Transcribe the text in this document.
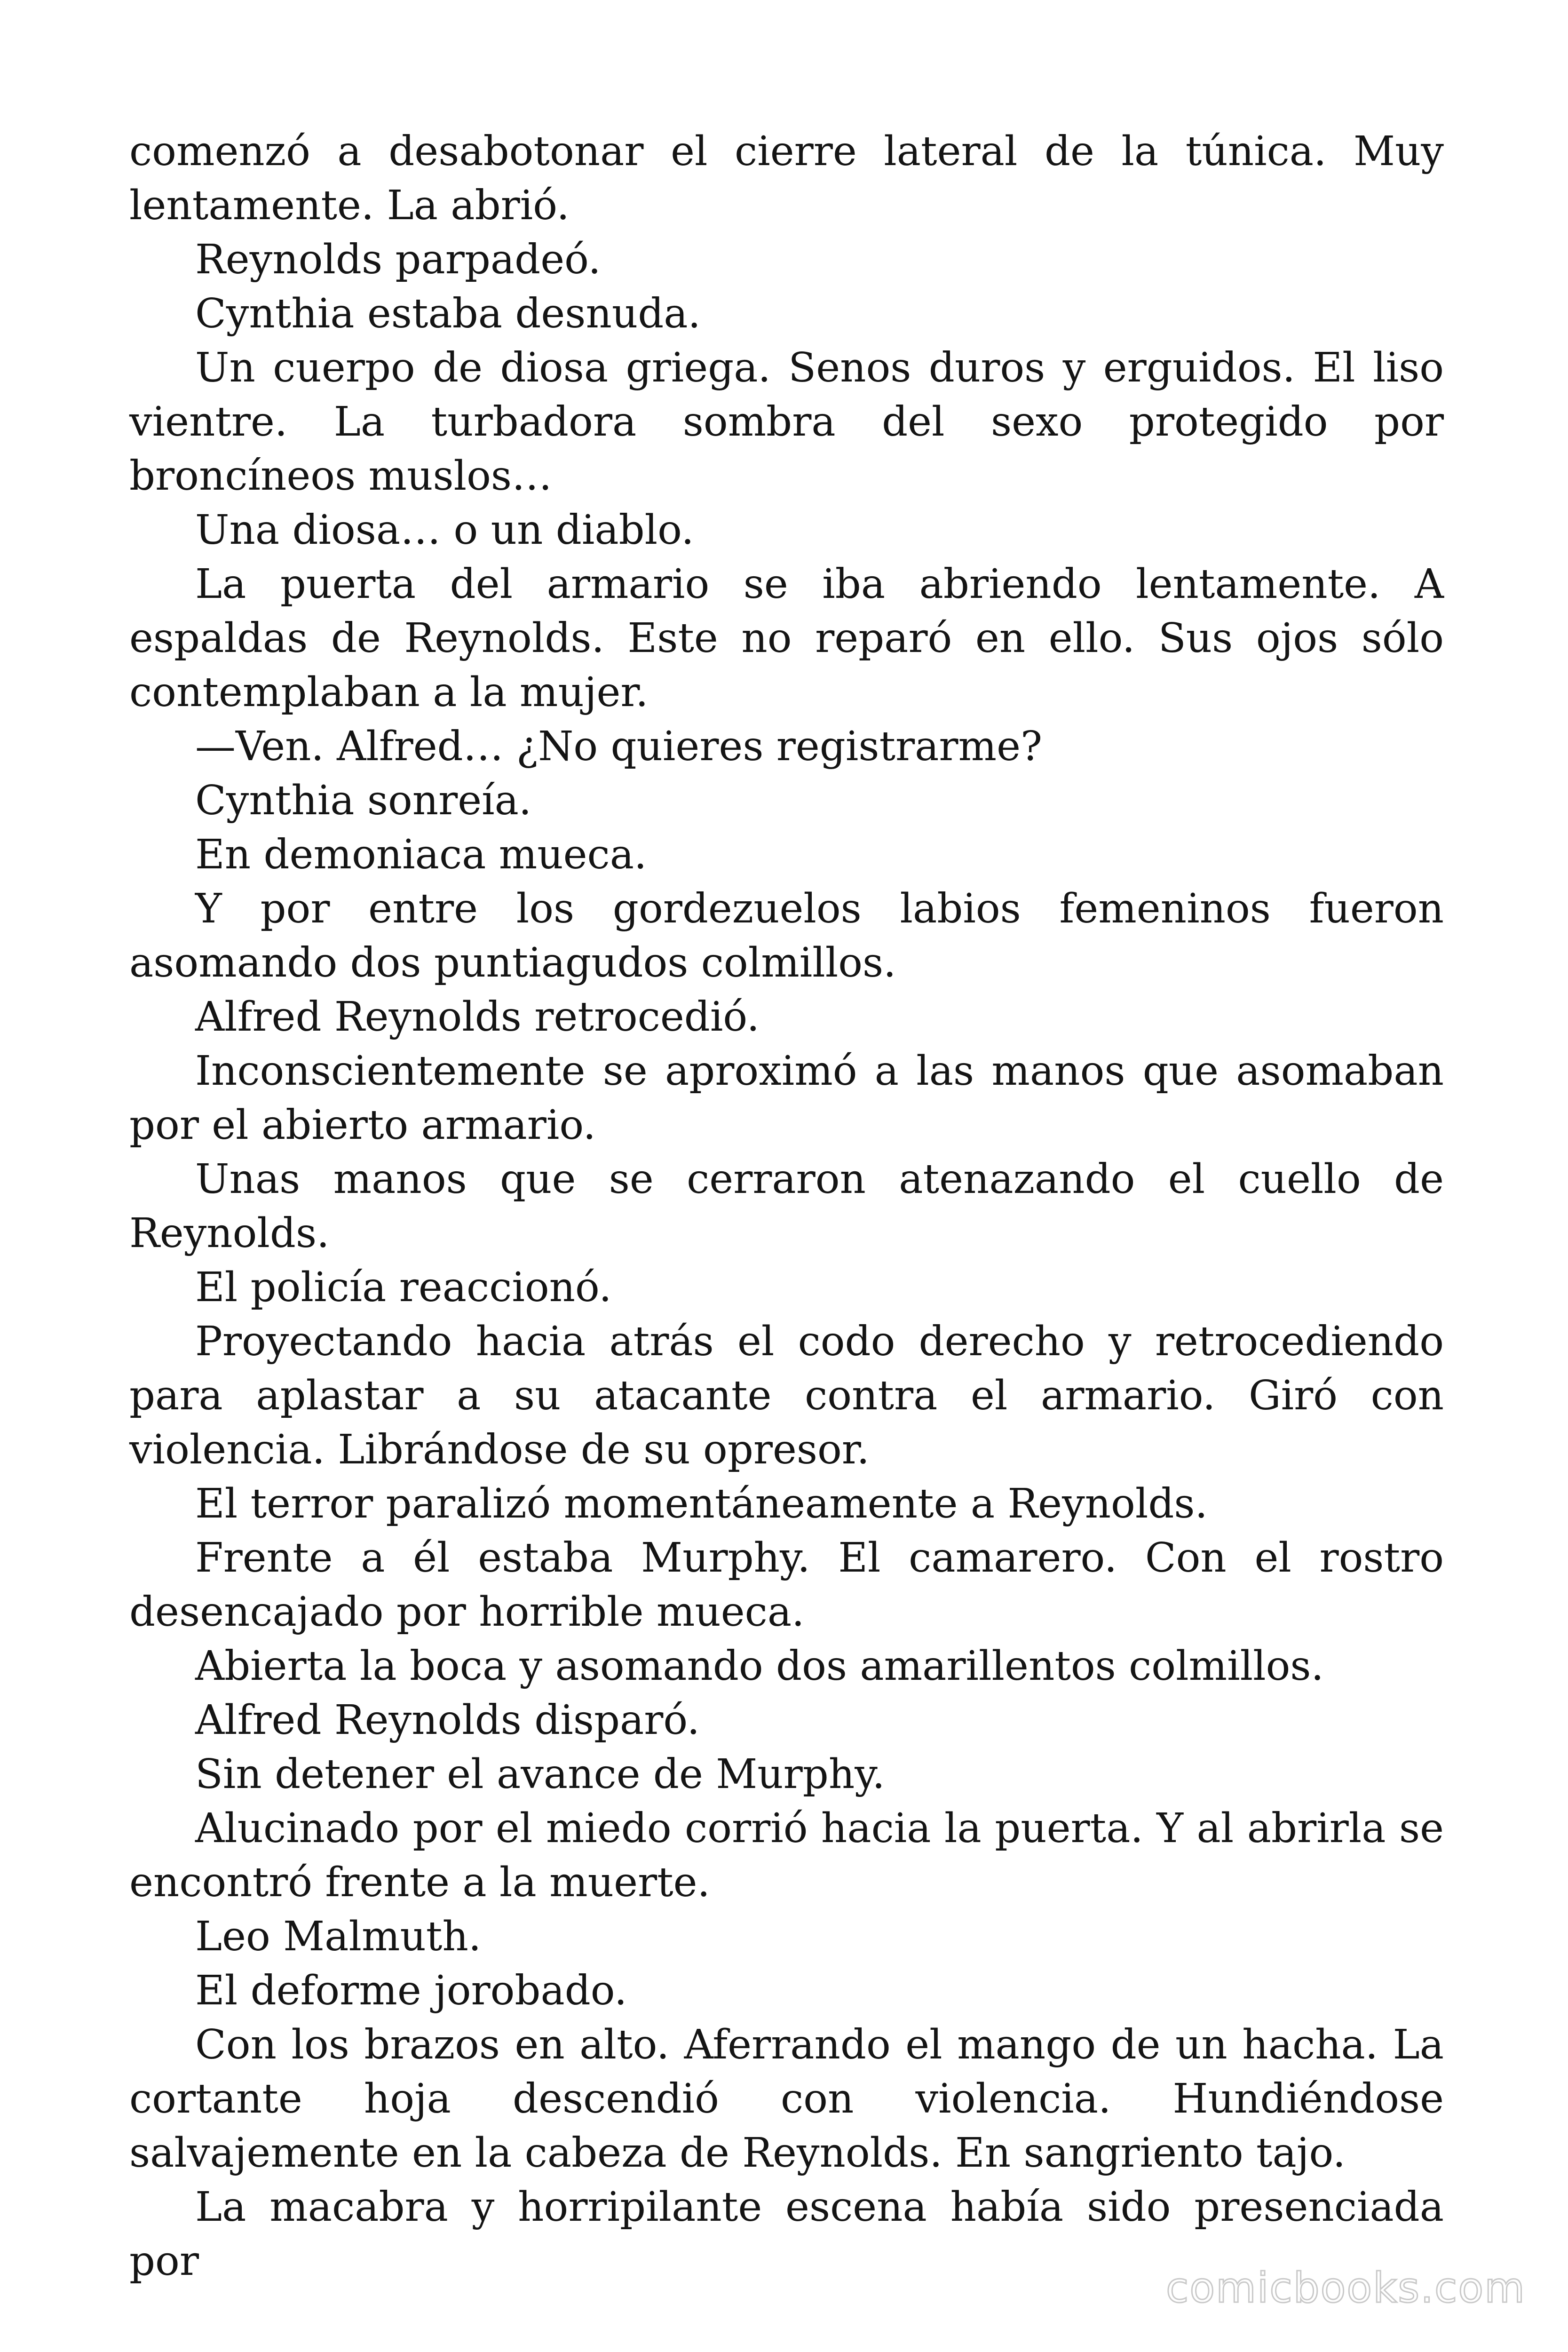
comenzó a desabotonar el cierre lateral de la túnica. Muy lentamente. La abrió.

Reynolds parpadeó.

Cynthia estaba desnuda.

Un cuerpo de diosa griega. Senos duros y erguidos. El liso vientre. La turbadora sombra del sexo protegido por broncíneos muslos…

Una diosa… o un diablo.

La puerta del armario se iba abriendo lentamente. A espaldas de Reynolds. Este no reparó en ello. Sus ojos sólo contemplaban a la mujer.

—Ven. Alfred… ¿No quieres registrarme?

Cynthia sonreía.

En demoniaca mueca.

Y por entre los gordezuelos labios femeninos fueron asomando dos puntiagudos colmillos.

Alfred Reynolds retrocedió.

Inconscientemente se aproximó a las manos que asomaban por el abierto armario.

Unas manos que se cerraron atenazando el cuello de Reynolds.

El policía reaccionó.

Proyectando hacia atrás el codo derecho y retrocediendo para aplastar a su atacante contra el armario. Giró con violencia. Librándose de su opresor.

El terror paralizó momentáneamente a Reynolds.

Frente a él estaba Murphy. El camarero. Con el rostro desencajado por horrible mueca.

Abierta la boca y asomando dos amarillentos colmillos.

Alfred Reynolds disparó.

Sin detener el avance de Murphy.

Alucinado por el miedo corrió hacia la puerta. Y al abrirla se encontró frente a la muerte.

Leo Malmuth.

El deforme jorobado.

Con los brazos en alto. Aferrando el mango de un hacha. La cortante hoja descendió con violencia. Hundiéndose salvajemente en la cabeza de Reynolds. En sangriento tajo.

La macabra y horripilante escena había sido presenciada por

comicbooks.com
